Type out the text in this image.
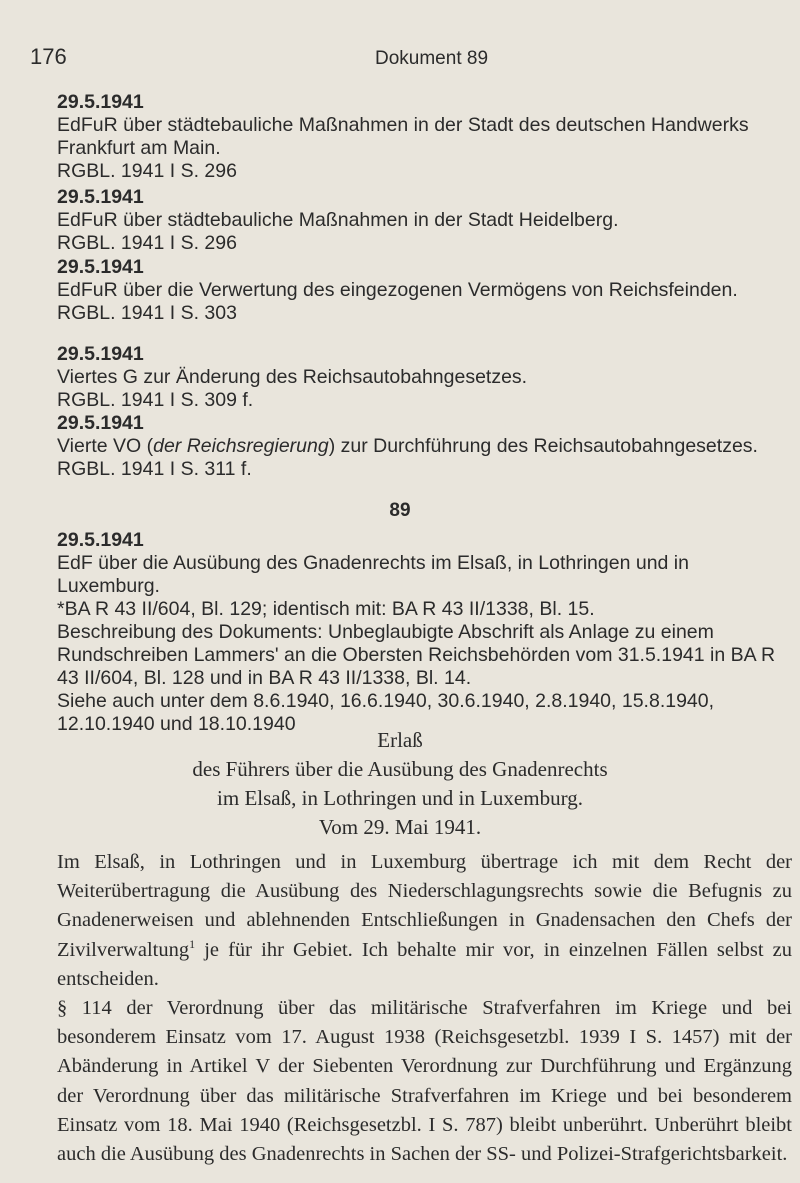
176	Dokument 89

29.5.1941

EdFuR über städtebauliche Maßnahmen in der Stadt des deutschen Handwerks Frankfurt am Main.

RGBL. 1941 I S. 296

29.5.1941

EdFuR über städtebauliche Maßnahmen in der Stadt Heidelberg.

RGBL. 1941 I S. 296

29.5.1941

EdFuR über die Verwertung des eingezogenen Vermögens von Reichsfeinden.

RGBL. 1941 I S. 303

29.5.1941

Viertes G zur Änderung des Reichsautobahngesetzes.

RGBL. 1941 I S. 309 f.

29.5.1941

Vierte VO (der Reichsregierung) zur Durchführung des Reichsautobahngesetzes.

RGBL. 1941 I S. 311 f.

89

29.5.1941

EdF über die Ausübung des Gnadenrechts im Elsaß, in Lothringen und in Luxemburg.

*BA R 43 II/604, Bl. 129; identisch mit: BA R 43 II/1338, Bl. 15.

Beschreibung des Dokuments: Unbeglaubigte Abschrift als Anlage zu einem Rundschreiben Lammers' an die Obersten Reichsbehörden vom 31.5.1941 in BA R 43 II/604, Bl. 128 und in BA R 43 II/1338, Bl. 14.

Siehe auch unter dem 8.6.1940, 16.6.1940, 30.6.1940, 2.8.1940, 15.8.1940, 12.10.1940 und 18.10.1940

Erlaß
des Führers über die Ausübung des Gnadenrechts
im Elsaß, in Lothringen und in Luxemburg.
Vom 29. Mai 1941.

Im Elsaß, in Lothringen und in Luxemburg übertrage ich mit dem Recht der Weiterübertragung die Ausübung des Niederschlagungsrechts sowie die Befugnis zu Gnadenerweisen und ablehnenden Entschließungen in Gnadensachen den Chefs der Zivilverwaltung$^1$ je für ihr Gebiet. Ich behalte mir vor, in einzelnen Fällen selbst zu entscheiden.

§ 114 der Verordnung über das militärische Strafverfahren im Kriege und bei besonderem Einsatz vom 17. August 1938 (Reichsgesetzbl. 1939 I S. 1457) mit der Abänderung in Artikel V der Siebenten Verordnung zur Durchführung und Ergänzung der Verordnung über das militärische Strafverfahren im Kriege und bei besonderem Einsatz vom 18. Mai 1940 (Reichsgesetzbl. I S. 787) bleibt unberührt. Unberührt bleibt auch die Ausübung des Gnadenrechts in Sachen der SS- und Polizei-Strafgerichtsbarkeit.
